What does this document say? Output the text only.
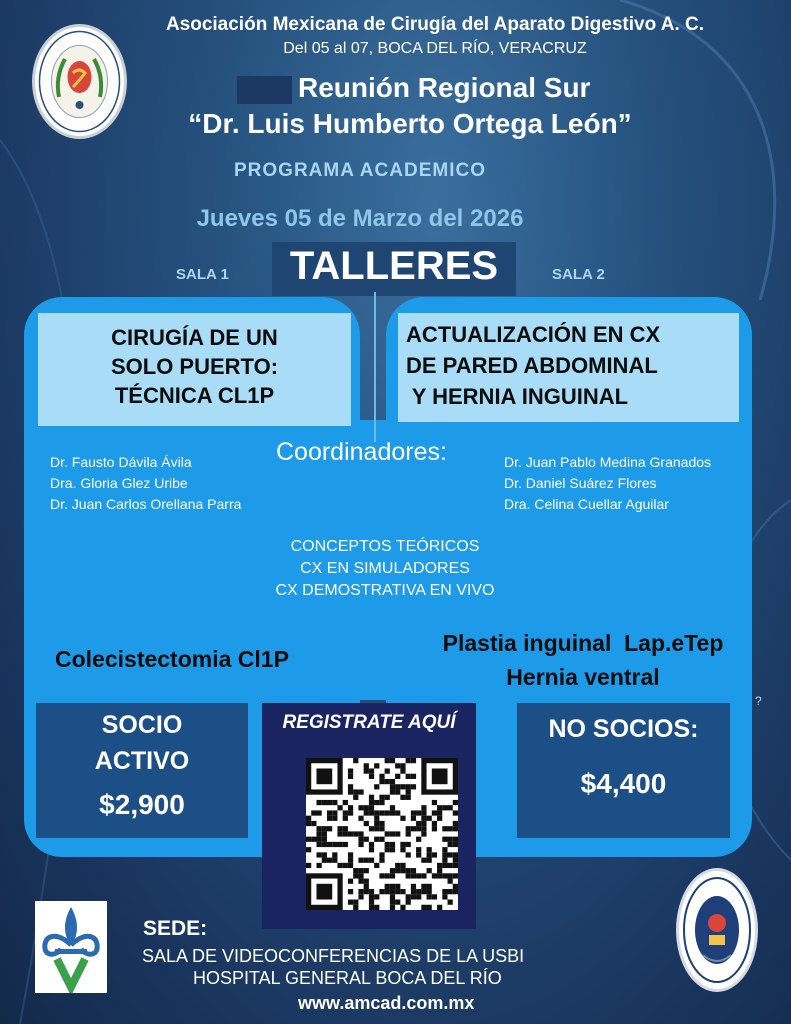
Asociación Mexicana de Cirugía del Aparato Digestivo A. C.
Del 05 al 07, BOCA DEL RÍO, VERACRUZ
Reunión Regional Sur
“Dr. Luis Humberto Ortega León”
PROGRAMA ACADEMICO
Jueves 05 de Marzo del 2026
SALA 1	SALA 2
TALLERES
CIRUGÍA DE UN
SOLO PUERTO:
TÉCNICA CL1P
ACTUALIZACIÓN EN CX
DE PARED ABDOMINAL
Y HERNIA INGUINAL
Coordinadores:
Dr. Fausto Dávila Ávila
Dra. Gloria Glez Uribe
Dr. Juan Carlos Orellana Parra
Dr. Juan Pablo Medina Granados
Dr. Daniel Suárez Flores
Dra. Celina Cuellar Aguilar
CONCEPTOS TEÓRICOS
CX EN SIMULADORES
CX DEMOSTRATIVA EN VIVO
Colecistectomia Cl1P
Plastia inguinal  Lap.eTep
Hernia ventral
?
SOCIO
ACTIVO
$2,900
NO SOCIOS:
$4,400
REGISTRATE AQUÍ
SEDE:
SALA DE VIDEOCONFERENCIAS DE LA USBI
HOSPITAL GENERAL BOCA DEL RÍO
www.amcad.com.mx
